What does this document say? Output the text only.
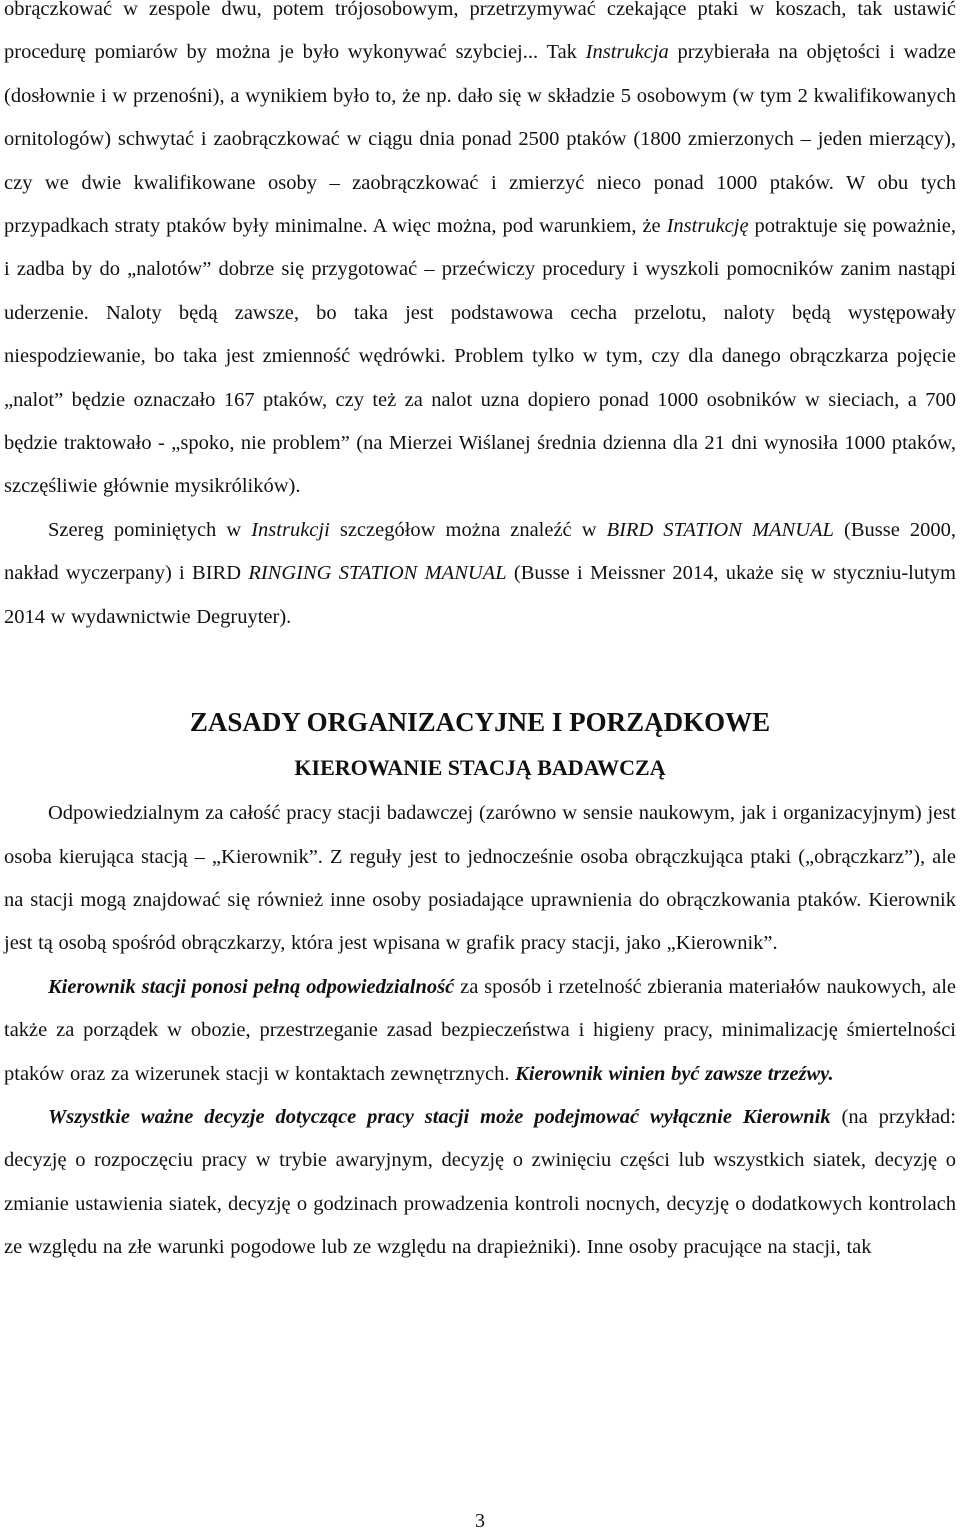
obrączkować w zespole dwu, potem trójosobowym, przetrzymywać czekające ptaki w koszach, tak ustawić procedurę pomiarów by można je było wykonywać szybciej... Tak Instrukcja przybierała na objętości i wadze (dosłownie i w przenośni), a wynikiem było to, że np. dało się w składzie 5 osobowym (w tym 2 kwalifikowanych ornitologów) schwytać i zaobrączkować w ciągu dnia ponad 2500 ptaków (1800 zmierzonych – jeden mierzący), czy we dwie kwalifikowane osoby – zaobrączkować i zmierzyć nieco ponad 1000 ptaków. W obu tych przypadkach straty ptaków były minimalne. A więc można, pod warunkiem, że Instrukcję potraktuje się poważnie, i zadba by do „nalotów” dobrze się przygotować – przećwiczy procedury i wyszkoli pomocników zanim nastąpi uderzenie. Naloty będą zawsze, bo taka jest podstawowa cecha przelotu, naloty będą występowały niespodziewanie, bo taka jest zmienność wędrówki. Problem tylko w tym, czy dla danego obrączkarza pojęcie „nalot” będzie oznaczało 167 ptaków, czy też za nalot uzna dopiero ponad 1000 osobników w sieciach, a 700 będzie traktowało - „spoko, nie problem” (na Mierzei Wiślanej średnia dzienna dla 21 dni wynosiła 1000 ptaków, szczęśliwie głównie mysikrólików).

Szereg pominiętych w Instrukcji szczegółow można znaleźć w BIRD STATION MANUAL (Busse 2000, nakład wyczerpany) i BIRD RINGING STATION MANUAL (Busse i Meissner 2014, ukaże się w styczniu-lutym 2014 w wydawnictwie Degruyter).

ZASADY ORGANIZACYJNE I PORZĄDKOWE
KIEROWANIE STACJĄ BADAWCZĄ

Odpowiedzialnym za całość pracy stacji badawczej (zarówno w sensie naukowym, jak i organizacyjnym) jest osoba kierująca stacją – „Kierownik”. Z reguły jest to jednocześnie osoba obrączkująca ptaki („obrączkarz”), ale na stacji mogą znajdować się również inne osoby posiadające uprawnienia do obrączkowania ptaków. Kierownik jest tą osobą spośród obrączkarzy, która jest wpisana w grafik pracy stacji, jako „Kierownik”.

Kierownik stacji ponosi pełną odpowiedzialność za sposób i rzetelność zbierania materiałów naukowych, ale także za porządek w obozie, przestrzeganie zasad bezpieczeństwa i higieny pracy, minimalizację śmiertelności ptaków oraz za wizerunek stacji w kontaktach zewnętrznych. Kierownik winien być zawsze trzeźwy.

Wszystkie ważne decyzje dotyczące pracy stacji może podejmować wyłącznie Kierownik (na przykład: decyzję o rozpoczęciu pracy w trybie awaryjnym, decyzję o zwinięciu części lub wszystkich siatek, decyzję o zmianie ustawienia siatek, decyzję o godzinach prowadzenia kontroli nocnych, decyzję o dodatkowych kontrolach ze względu na złe warunki pogodowe lub ze względu na drapieżniki). Inne osoby pracujące na stacji, tak

3
